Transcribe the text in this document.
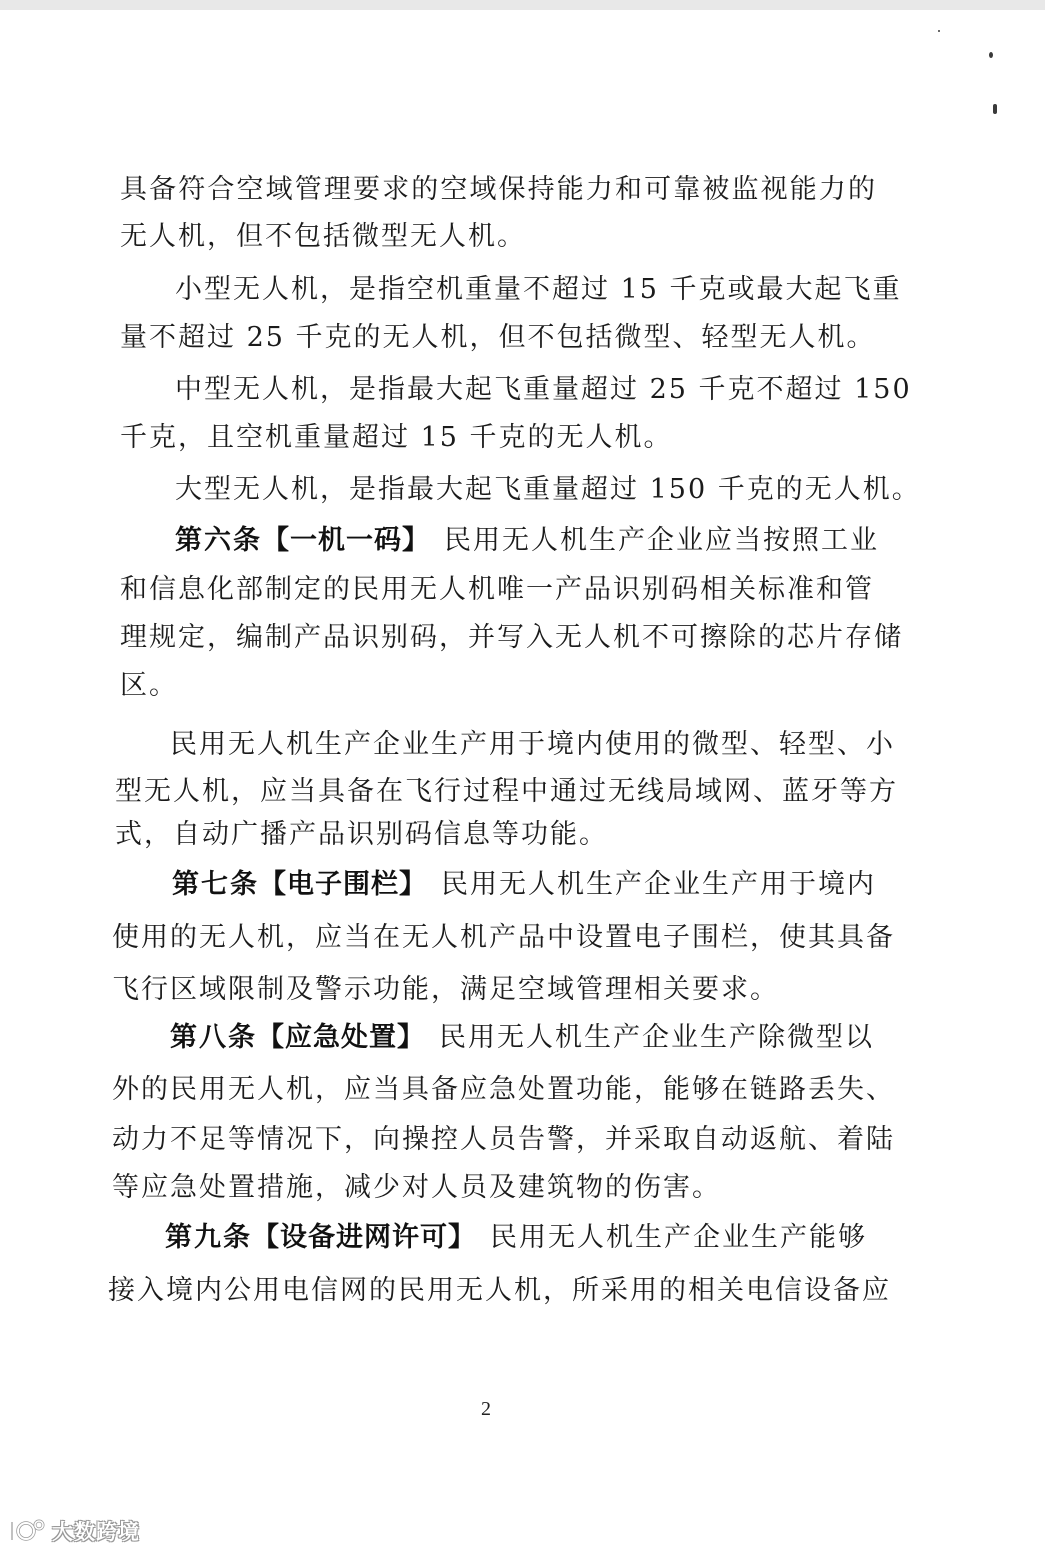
具备符合空域管理要求的空域保持能力和可靠被监视能力的
无人机，但不包括微型无人机。
小型无人机，是指空机重量不超过 15 千克或最大起飞重
量不超过 25 千克的无人机，但不包括微型、轻型无人机。
中型无人机，是指最大起飞重量超过 25 千克不超过 150
千克，且空机重量超过 15 千克的无人机。
大型无人机，是指最大起飞重量超过 150 千克的无人机。
第六条【一机一码】 民用无人机生产企业应当按照工业
和信息化部制定的民用无人机唯一产品识别码相关标准和管
理规定，编制产品识别码，并写入无人机不可擦除的芯片存储
区。
民用无人机生产企业生产用于境内使用的微型、轻型、小
型无人机，应当具备在飞行过程中通过无线局域网、蓝牙等方
式，自动广播产品识别码信息等功能。
第七条【电子围栏】 民用无人机生产企业生产用于境内
使用的无人机，应当在无人机产品中设置电子围栏，使其具备
飞行区域限制及警示功能，满足空域管理相关要求。
第八条【应急处置】 民用无人机生产企业生产除微型以
外的民用无人机，应当具备应急处置功能，能够在链路丢失、
动力不足等情况下，向操控人员告警，并采取自动返航、着陆
等应急处置措施，减少对人员及建筑物的伤害。
第九条【设备进网许可】 民用无人机生产企业生产能够
接入境内公用电信网的民用无人机，所采用的相关电信设备应
2
大数跨境
